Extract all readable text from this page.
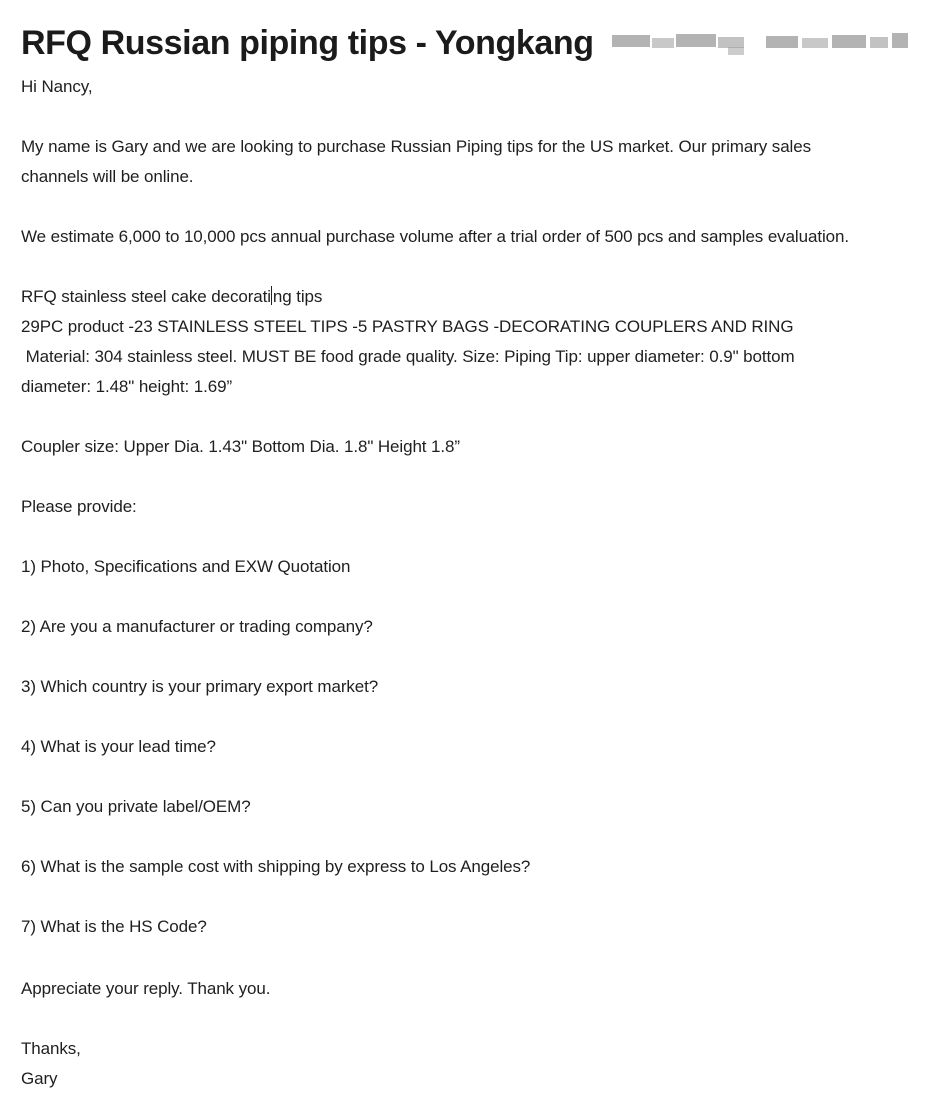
RFQ Russian piping tips - Yongkang
Hi Nancy,
My name is Gary and we are looking to purchase Russian Piping tips for the US market. Our primary sales
channels will be online.
We estimate 6,000 to 10,000 pcs annual purchase volume after a trial order of 500 pcs and samples evaluation.
RFQ stainless steel cake decorati ng tips
29PC product -23 STAINLESS STEEL TIPS -5 PASTRY BAGS -DECORATING COUPLERS AND RING
Material: 304 stainless steel. MUST BE food grade quality. Size: Piping Tip: upper diameter: 0.9" bottom
diameter: 1.48" height: 1.69”
Coupler size: Upper Dia. 1.43" Bottom Dia. 1.8" Height 1.8”
Please provide:
1) Photo, Specifications and EXW Quotation
2) Are you a manufacturer or trading company?
3) Which country is your primary export market?
4) What is your lead time?
5) Can you private label/OEM?
6) What is the sample cost with shipping by express to Los Angeles?
7) What is the HS Code?
Appreciate your reply. Thank you.
Thanks,
Gary
